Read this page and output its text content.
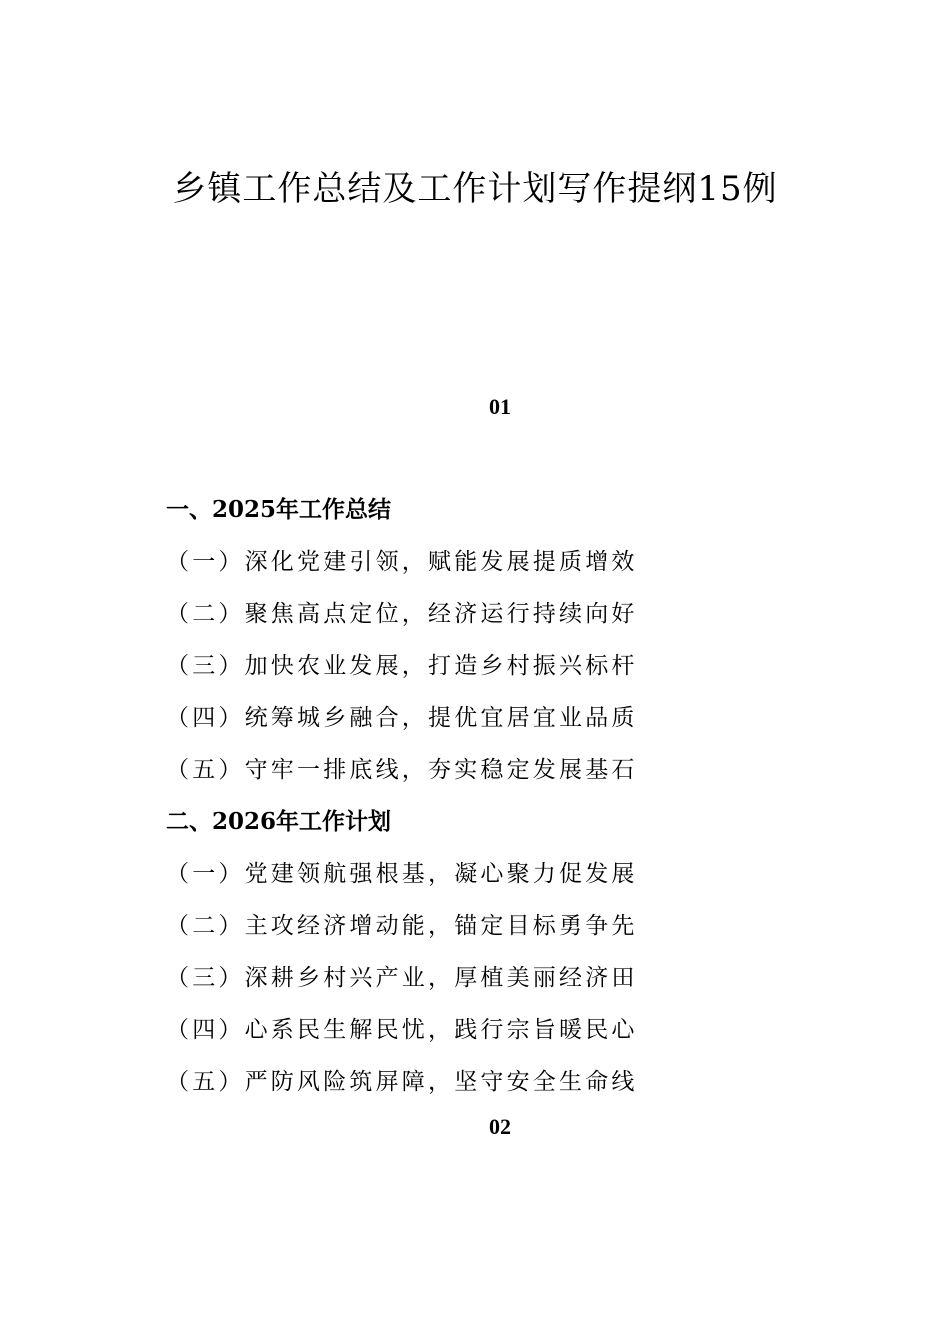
乡镇工作总结及工作计划写作提纲15例
01
一、2025年工作总结
（一）深化党建引领，赋能发展提质增效
（二）聚焦高点定位，经济运行持续向好
（三）加快农业发展，打造乡村振兴标杆
（四）统筹城乡融合，提优宜居宜业品质
（五）守牢一排底线，夯实稳定发展基石
二、2026年工作计划
（一）党建领航强根基，凝心聚力促发展
（二）主攻经济增动能，锚定目标勇争先
（三）深耕乡村兴产业，厚植美丽经济田
（四）心系民生解民忧，践行宗旨暖民心
（五）严防风险筑屏障，坚守安全生命线
02
